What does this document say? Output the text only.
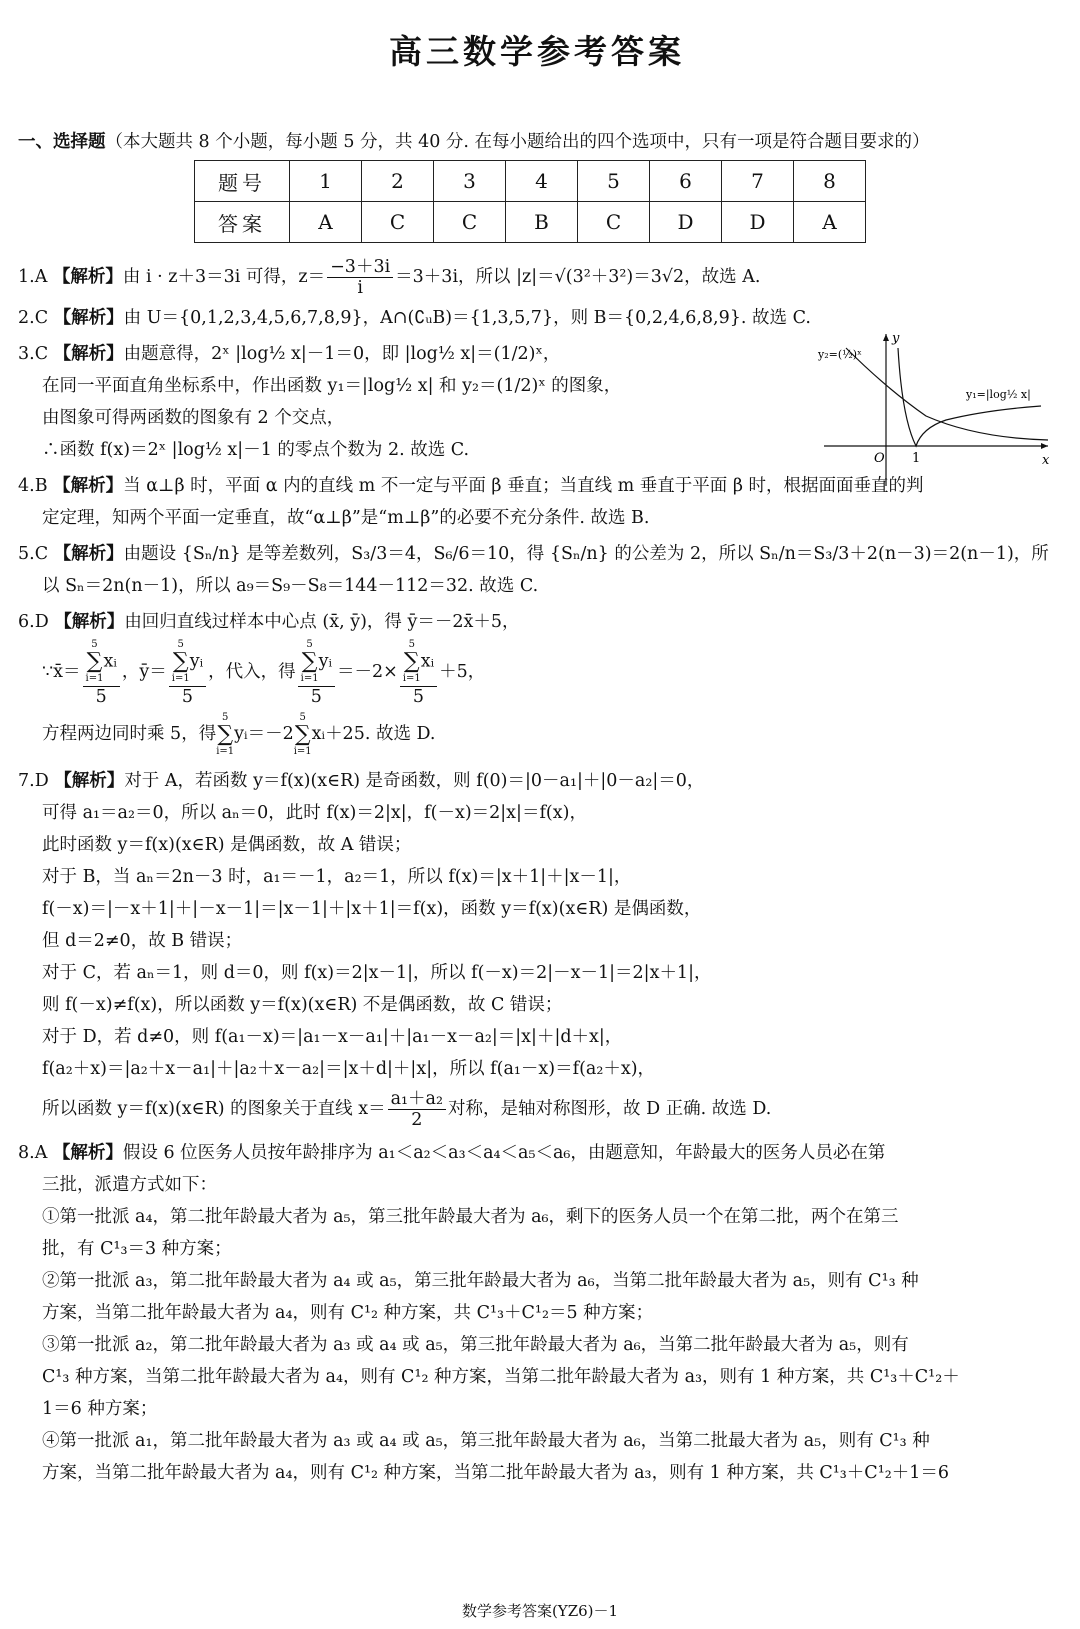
高三数学参考答案
一、选择题（本大题共 8 个小题，每小题 5 分，共 40 分. 在每小题给出的四个选项中，只有一项是符合题目要求的）
题号	1	2	3	4	5	6	7	8
答案	A	C	C	B	C	D	D	A
1.A 【解析】由 i · z＋3＝3i 可得，$z= \frac{-3+3i}{i} =3+3i$，所以 |z|＝√(3²＋3²)＝3√2，故选 A.
2.C 【解析】由 U＝{0,1,2,3,4,5,6,7,8,9}，A∩(∁ᵤB)＝{1,3,5,7}，则 B＝{0,2,4,6,8,9}. 故选 C.
3.C 【解析】由题意得，2ˣ |log½ x|－1＝0，即 |log½ x|＝(1/2)ˣ，
在同一平面直角坐标系中，作出函数 y₁＝|log½ x| 和 y₂＝(1/2)ˣ 的图象，
由图象可得两函数的图象有 2 个交点，
∴函数 f(x)＝2ˣ |log½ x|－1 的零点个数为 2. 故选 C.
y₂=(½)ˣ
y₁=|log½ x|
O 1	x
y
4.B 【解析】当 α⊥β 时，平面 α 内的直线 m 不一定与平面 β 垂直；当直线 m 垂直于平面 β 时，根据面面垂直的判
定定理，知两个平面一定垂直，故“α⊥β”是“m⊥β”的必要不充分条件. 故选 B.
5.C 【解析】由题设 {Sₙ/n} 是等差数列，S₃/3＝4，S₆/6＝10，得 {Sₙ/n} 的公差为 2，所以 Sₙ/n＝S₃/3＋2(n－3)＝2(n－1)，所
以 Sₙ＝2n(n－1)，所以 a₉＝S₉－S₈＝144－112＝32. 故选 C.
6.D 【解析】由回归直线过样本中心点 (x̄, ȳ)，得 ȳ＝－2x̄＋5，
∵x̄＝ 5
∑
i=1
xᵢ
5 ，ȳ＝ 5
∑
i=1
yᵢ
5 ，代入，得 5
∑
i=1
yᵢ
5 ＝－2× 5
∑
i=1
xᵢ
5 ＋5，
方程两边同时乘 5，得
5
∑
i=1
yᵢ＝－2
5
∑
i=1
xᵢ＋25. 故选 D.
7.D 【解析】对于 A，若函数 y＝f(x)(x∈R) 是奇函数，则 f(0)＝|0－a₁|＋|0－a₂|＝0，
可得 a₁＝a₂＝0，所以 aₙ＝0，此时 f(x)＝2|x|，f(－x)＝2|x|＝f(x)，
此时函数 y＝f(x)(x∈R) 是偶函数，故 A 错误；
对于 B，当 aₙ＝2n－3 时，a₁＝－1，a₂＝1，所以 f(x)＝|x＋1|＋|x－1|，
f(－x)＝|－x＋1|＋|－x－1|＝|x－1|＋|x＋1|＝f(x)，函数 y＝f(x)(x∈R) 是偶函数，
但 d＝2≠0，故 B 错误；
对于 C，若 aₙ＝1，则 d＝0，则 f(x)＝2|x－1|，所以 f(－x)＝2|－x－1|＝2|x＋1|，
则 f(－x)≠f(x)，所以函数 y＝f(x)(x∈R) 不是偶函数，故 C 错误；
对于 D，若 d≠0，则 f(a₁－x)＝|a₁－x－a₁|＋|a₁－x－a₂|＝|x|＋|d＋x|，
f(a₂＋x)＝|a₂＋x－a₁|＋|a₂＋x－a₂|＝|x＋d|＋|x|，所以 f(a₁－x)＝f(a₂＋x)，
所以函数 y＝f(x)(x∈R) 的图象关于直线 $x= \frac{\text{a₁＋a₂}}{2}$ 对称，是轴对称图形，故 D 正确. 故选 D.
8.A 【解析】假设 6 位医务人员按年龄排序为 a₁＜a₂＜a₃＜a₄＜a₅＜a₆，由题意知，年龄最大的医务人员必在第
三批，派遣方式如下：
①第一批派 a₄，第二批年龄最大者为 a₅，第三批年龄最大者为 a₆，剩下的医务人员一个在第二批，两个在第三
批，有 C¹₃＝3 种方案；
②第一批派 a₃，第二批年龄最大者为 a₄ 或 a₅，第三批年龄最大者为 a₆，当第二批年龄最大者为 a₅，则有 C¹₃ 种
方案，当第二批年龄最大者为 a₄，则有 C¹₂ 种方案，共 C¹₃＋C¹₂＝5 种方案；
③第一批派 a₂，第二批年龄最大者为 a₃ 或 a₄ 或 a₅，第三批年龄最大者为 a₆，当第二批年龄最大者为 a₅，则有
C¹₃ 种方案，当第二批年龄最大者为 a₄，则有 C¹₂ 种方案，当第二批年龄最大者为 a₃，则有 1 种方案，共 C¹₃＋C¹₂＋
1＝6 种方案；
④第一批派 a₁，第二批年龄最大者为 a₃ 或 a₄ 或 a₅，第三批年龄最大者为 a₆，当第二批最大者为 a₅，则有 C¹₃ 种
方案，当第二批年龄最大者为 a₄，则有 C¹₂ 种方案，当第二批年龄最大者为 a₃，则有 1 种方案，共 C¹₃＋C¹₂＋1＝6
数学参考答案(YZ6)－1
